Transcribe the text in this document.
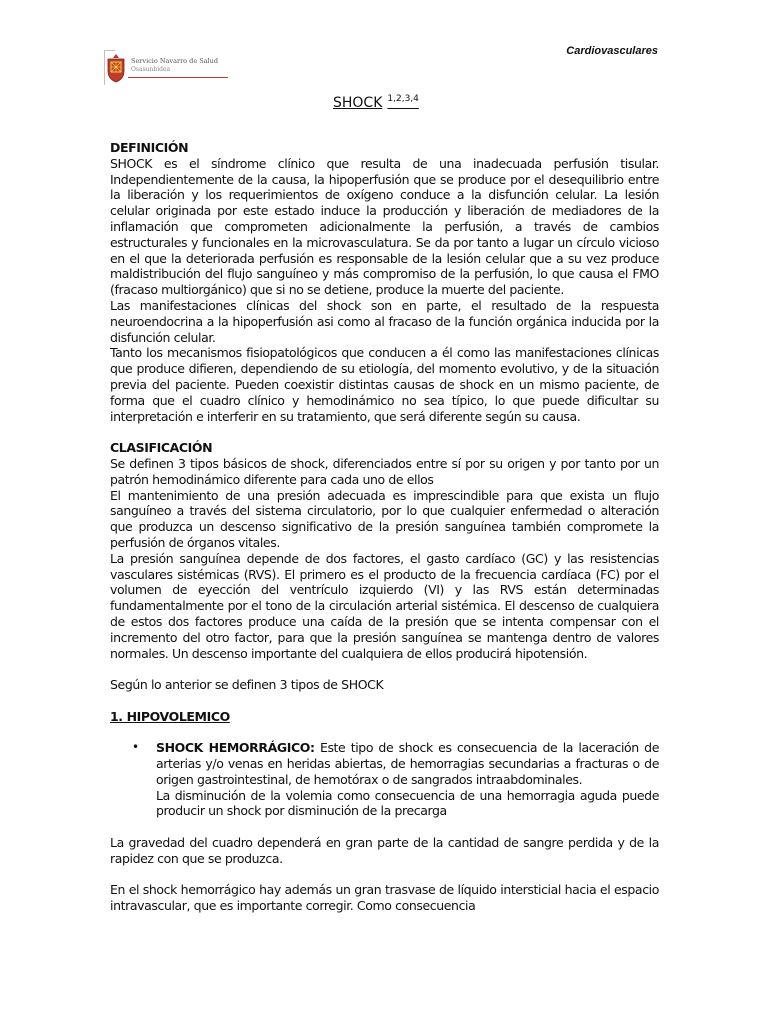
Servicio Navarro de Salud
Osasunbidea
Cardiovasculares
SHOCK $^{1,2,3,4}$
DEFINICIÓN

SHOCK es el síndrome clínico que resulta de una inadecuada perfusión tisular. Independientemente de la causa, la hipoperfusión que se produce por el desequilibrio entre la liberación y los requerimientos de oxígeno conduce a la disfunción celular. La lesión celular originada por este estado induce la producción y liberación de mediadores de la inflamación que comprometen adicionalmente la perfusión, a través de cambios estructurales y funcionales en la microvasculatura. Se da por tanto a lugar un círculo vicioso en el que la deteriorada perfusión es responsable de la lesión celular que a su vez produce maldistribución del flujo sanguíneo y más compromiso de la perfusión, lo que causa el FMO (fracaso multiorgánico) que si no se detiene, produce la muerte del paciente.

Las manifestaciones clínicas del shock son en parte, el resultado de la respuesta neuroendocrina a la hipoperfusión asi como al fracaso de la función orgánica inducida por la disfunción celular.

Tanto los mecanismos fisiopatológicos que conducen a él como las manifestaciones clínicas que produce difieren, dependiendo de su etiología, del momento evolutivo, y de la situación previa del paciente. Pueden coexistir distintas causas de shock en un mismo paciente, de forma que el cuadro clínico y hemodinámico no sea típico, lo que puede dificultar su interpretación e interferir en su tratamiento, que será diferente según su causa.

CLASIFICACIÓN

Se definen 3 tipos básicos de shock, diferenciados entre sí por su origen y por tanto por un patrón hemodinámico diferente para cada uno de ellos

El mantenimiento de una presión adecuada es imprescindible para que exista un flujo sanguíneo a través del sistema circulatorio, por lo que cualquier enfermedad o alteración que produzca un descenso significativo de la presión sanguínea también compromete la perfusión de órganos vitales.

La presión sanguínea depende de dos factores, el gasto cardíaco (GC) y las resistencias vasculares sistémicas (RVS). El primero es el producto de la frecuencia cardíaca (FC) por el volumen de eyección del ventrículo izquierdo (VI) y las RVS están determinadas fundamentalmente por el tono de la circulación arterial sistémica. El descenso de cualquiera de estos dos factores produce una caída de la presión que se intenta compensar con el incremento del otro factor, para que la presión sanguínea se mantenga dentro de valores normales. Un descenso importante del cualquiera de ellos producirá hipotensión.

Según lo anterior se definen 3 tipos de SHOCK

1. HIPOVOLEMICO
•	SHOCK HEMORRÁGICO: Este tipo de shock es consecuencia de la laceración de arterias y/o venas en heridas abiertas, de hemorragias secundarias a fracturas o de origen gastrointestinal, de hemotórax o de sangrados intraabdominales.

La disminución de la volemia como consecuencia de una hemorragia aguda puede producir un shock por disminución de la precarga

La gravedad del cuadro dependerá en gran parte de la cantidad de sangre perdida y de la rapidez con que se produzca.

En el shock hemorrágico hay además un gran trasvase de líquido intersticial hacia el espacio intravascular, que es importante corregir. Como consecuencia
